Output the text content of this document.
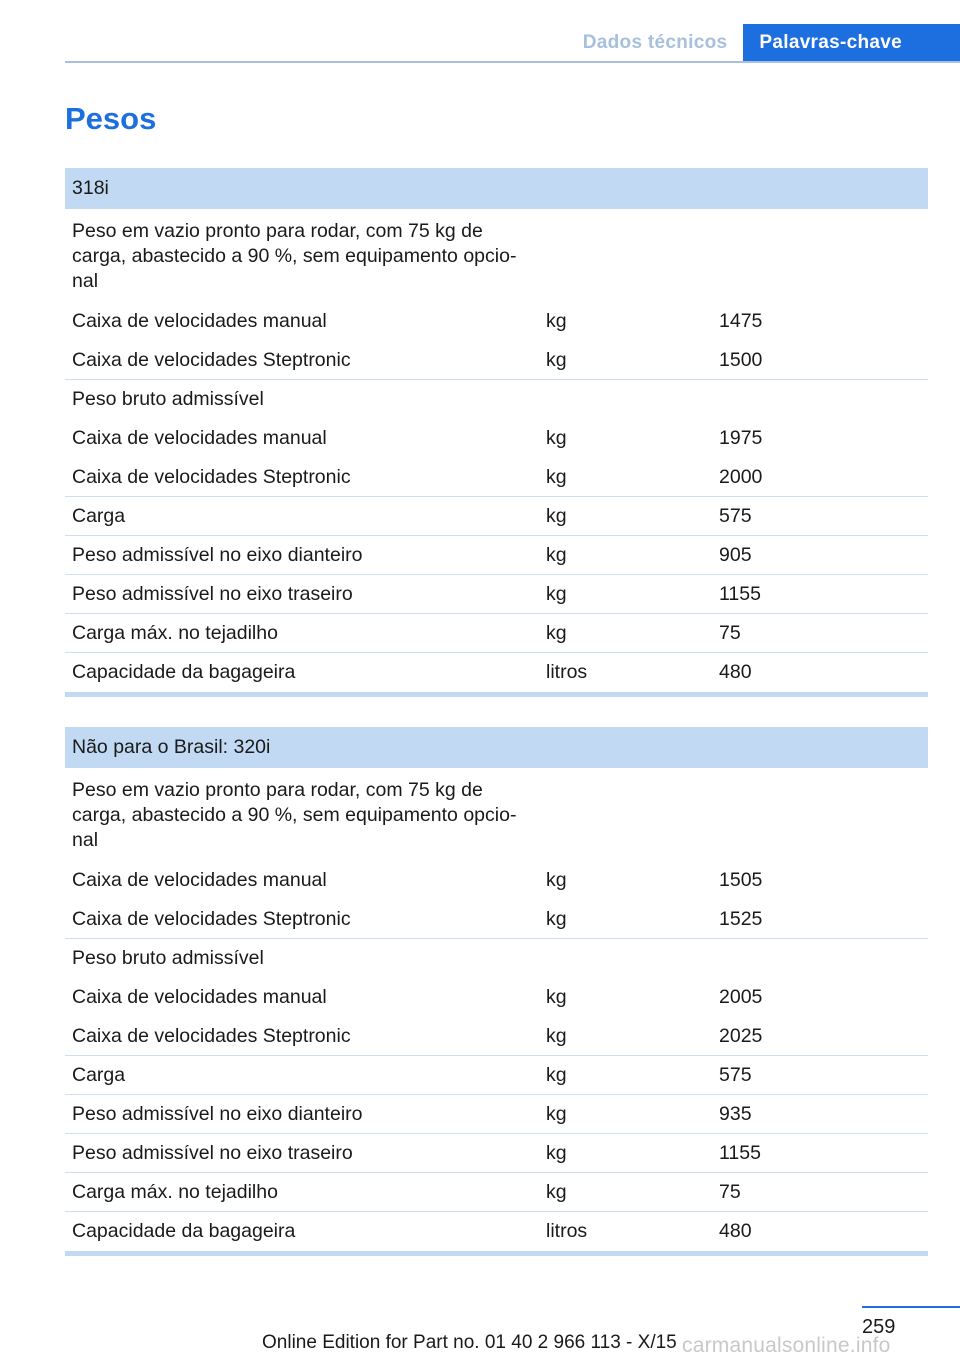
Dados técnicos	Palavras-chave
Pesos
318i
Peso em vazio pronto para rodar, com 75 kg de carga, abastecido a 90 %, sem equipamento opcional
Caixa de velocidades manual	kg	1475
Caixa de velocidades Steptronic	kg	1500
Peso bruto admissível
Caixa de velocidades manual	kg	1975
Caixa de velocidades Steptronic	kg	2000
Carga	kg	575
Peso admissível no eixo dianteiro	kg	905
Peso admissível no eixo traseiro	kg	1155
Carga máx. no tejadilho	kg	75
Capacidade da bagageira	litros	480
Não para o Brasil: 320i
Peso em vazio pronto para rodar, com 75 kg de carga, abastecido a 90 %, sem equipamento opcional
Caixa de velocidades manual	kg	1505
Caixa de velocidades Steptronic	kg	1525
Peso bruto admissível
Caixa de velocidades manual	kg	2005
Caixa de velocidades Steptronic	kg	2025
Carga	kg	575
Peso admissível no eixo dianteiro	kg	935
Peso admissível no eixo traseiro	kg	1155
Carga máx. no tejadilho	kg	75
Capacidade da bagageira	litros	480
259
Online Edition for Part no. 01 40 2 966 113 - X/15 carmanualsonline.info
